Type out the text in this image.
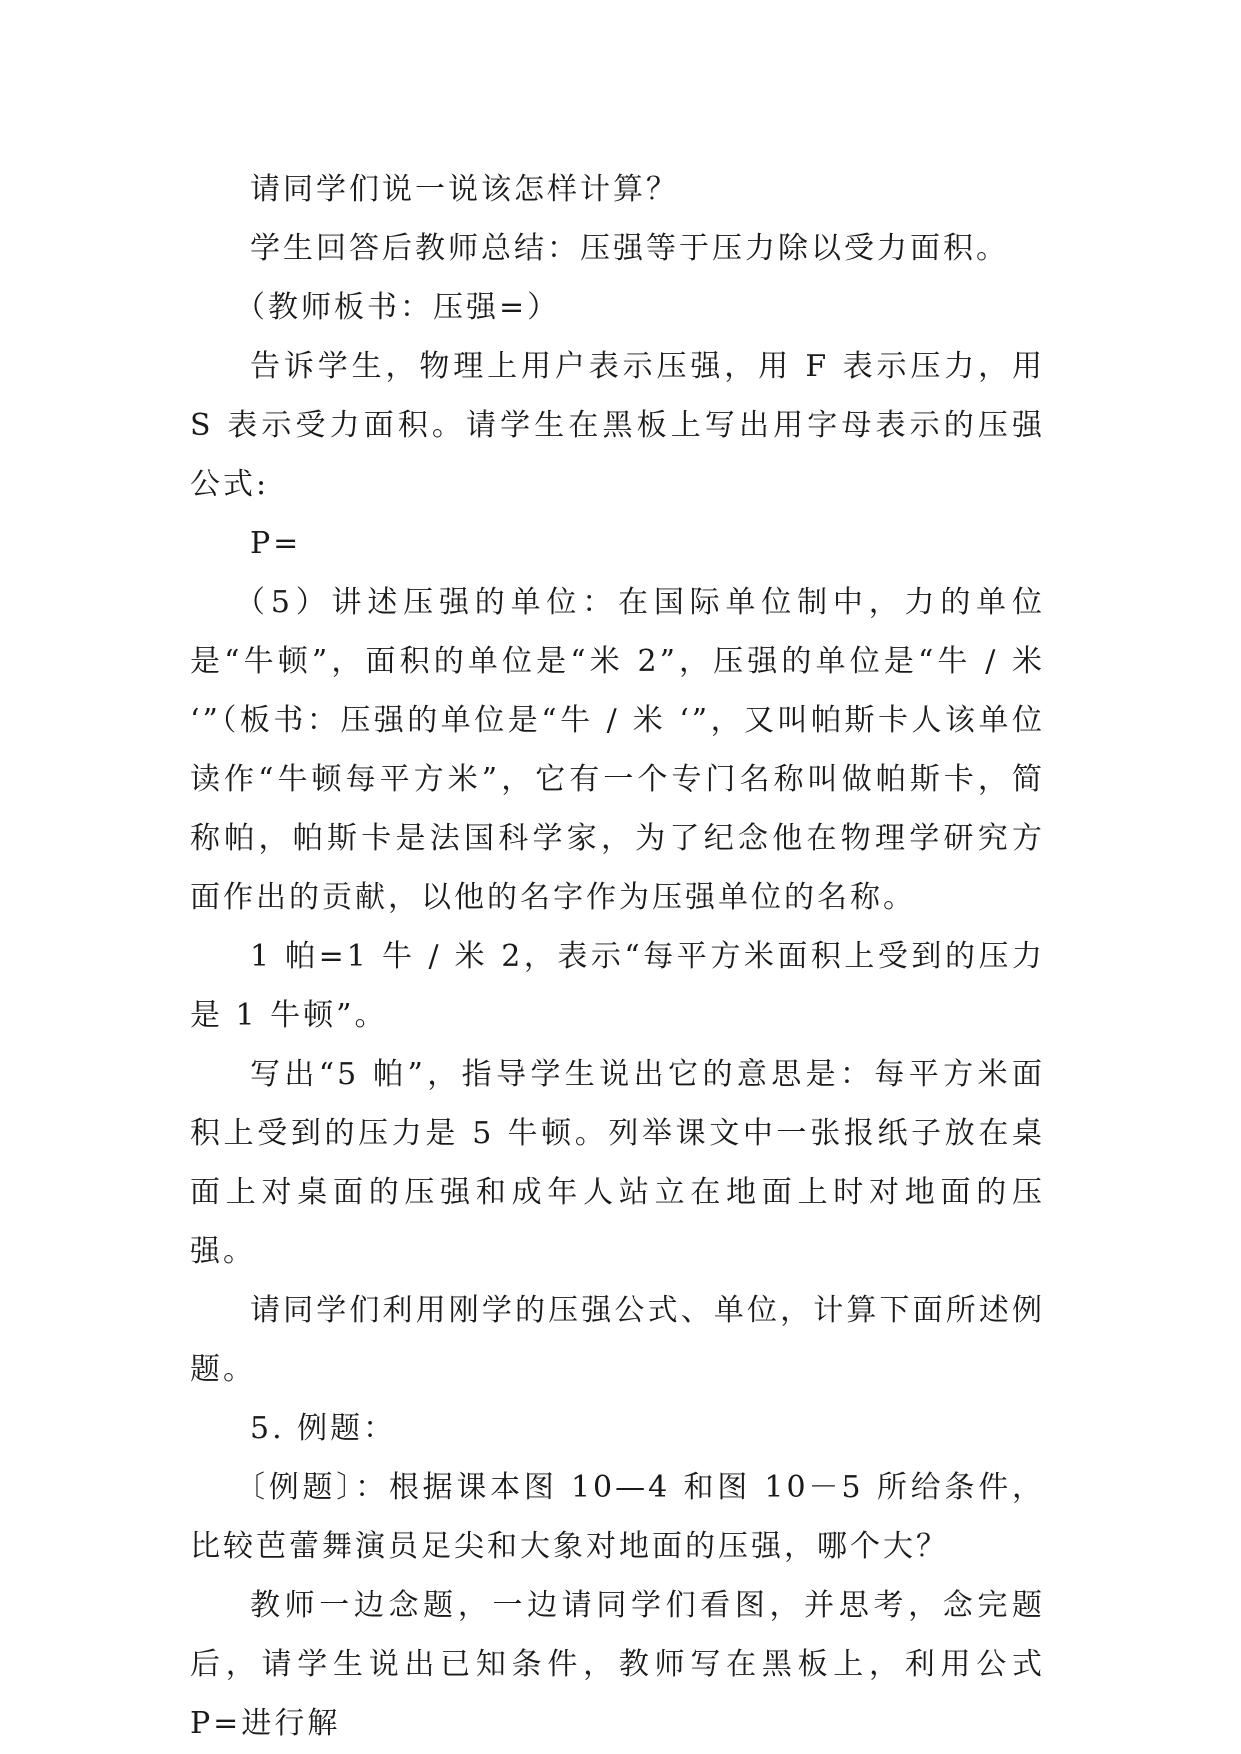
请同学们说一说该怎样计算？

学生回答后教师总结：压强等于压力除以受力面积。

（教师板书：压强=）

告诉学生，物理上用户表示压强，用 F 表示压力，用 S 表示受力面积。请学生在黑板上写出用字母表示的压强公式:

P=

（5）讲述压强的单位：在国际单位制中，力的单位是“牛顿”，面积的单位是“米 2”，压强的单位是“牛 / 米 ‘”（板书：压强的单位是“牛 / 米 ‘”，又叫帕斯卡人该单位读作“牛顿每平方米”，它有一个专门名称叫做帕斯卡，简称帕，帕斯卡是法国科学家，为了纪念他在物理学研究方面作出的贡献，以他的名字作为压强单位的名称。

1 帕=1 牛 / 米 2，表示“每平方米面积上受到的压力是 1 牛顿”。

写出“5 帕”，指导学生说出它的意思是：每平方米面积上受到的压力是 5 牛顿。列举课文中一张报纸子放在桌面上对桌面的压强和成年人站立在地面上时对地面的压强。

请同学们利用刚学的压强公式、单位，计算下面所述例题。

5. 例题：

〔例题〕：根据课本图 10—4 和图 10－5 所给条件，比较芭蕾舞演员足尖和大象对地面的压强，哪个大？

教师一边念题，一边请同学们看图，并思考，念完题后，请学生说出已知条件，教师写在黑板上，利用公式 P=进行解
